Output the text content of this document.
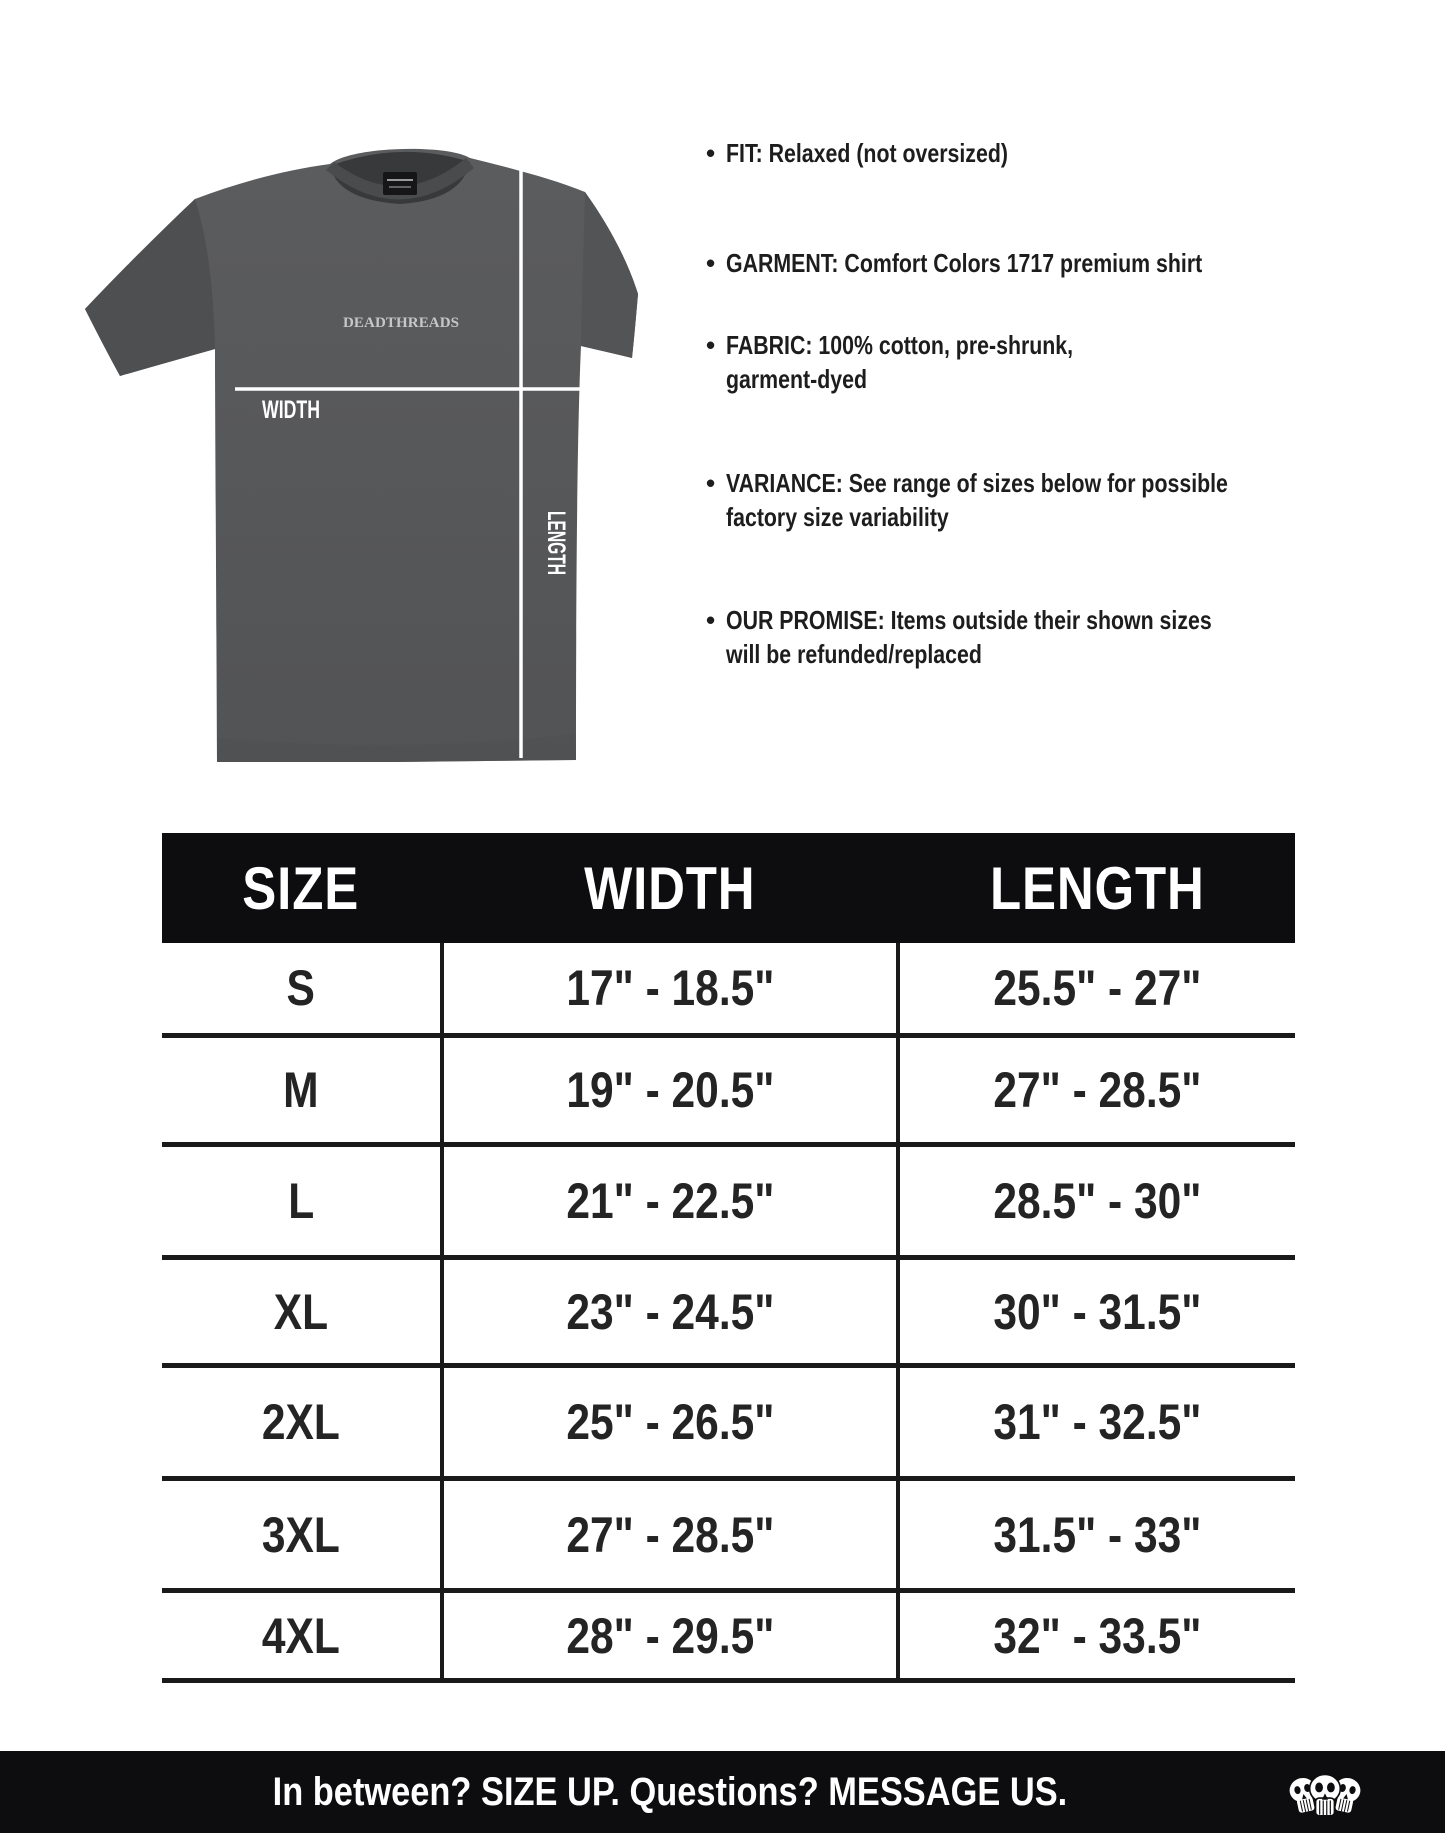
DEADTHREADS
WIDTH
LENGTH
• FIT: Relaxed (not oversized)
• GARMENT: Comfort Colors 1717 premium shirt
• FABRIC: 100% cotton, pre-shrunk,
garment-dyed
• VARIANCE: See range of sizes below for possible
factory size variability
• OUR PROMISE: Items outside their shown sizes
will be refunded/replaced
SIZE	WIDTH	LENGTH
S	17" - 18.5"	25.5" - 27"
M	19" - 20.5"	27" - 28.5"
L	21" - 22.5"	28.5" - 30"
XL	23" - 24.5"	30" - 31.5"
2XL	25" - 26.5"	31" - 32.5"
3XL	27" - 28.5"	31.5" - 33"
4XL	28" - 29.5"	32" - 33.5"
In between? SIZE UP. Questions? MESSAGE US.
